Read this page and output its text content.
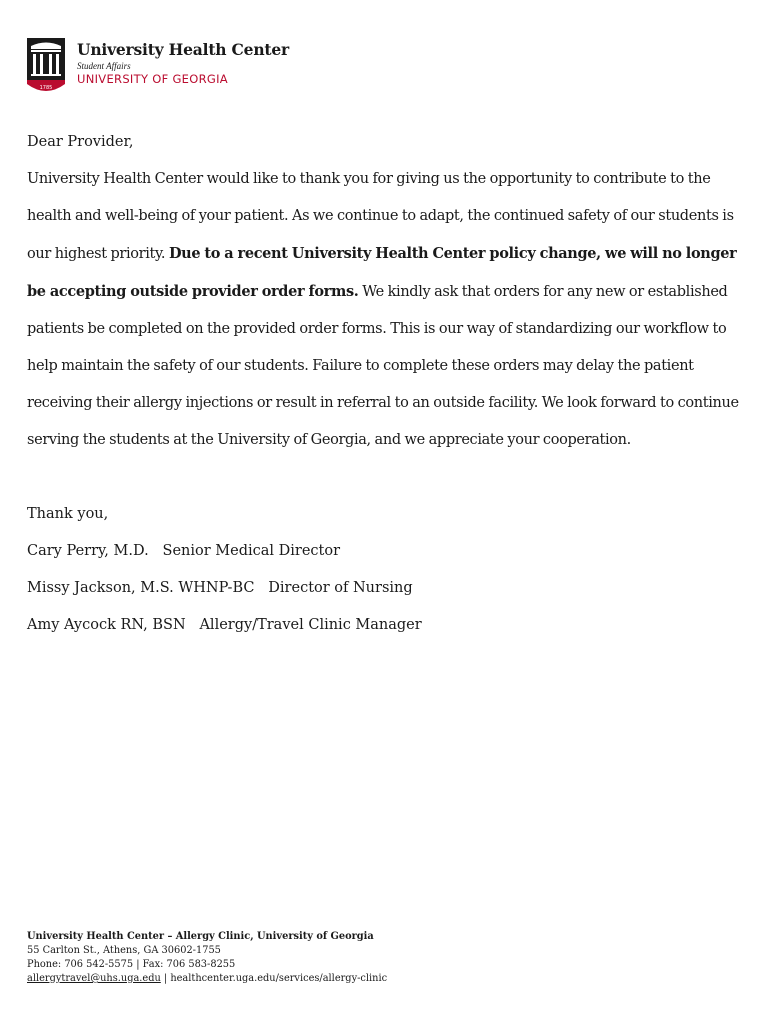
1785
University Health Center
Student Affairs
UNIVERSITY OF GEORGIA

Dear Provider,

University Health Center would like to thank you for giving us the opportunity to contribute to the health and well-being of your patient. As we continue to adapt, the continued safety of our students is our highest priority. Due to a recent University Health Center policy change, we will no longer be accepting outside provider order forms. We kindly ask that orders for any new or established patients be completed on the provided order forms. This is our way of standardizing our workflow to help maintain the safety of our students. Failure to complete these orders may delay the patient receiving their allergy injections or result in referral to an outside facility. We look forward to continue serving the students at the University of Georgia, and we appreciate your cooperation.

Thank you,

Cary Perry, M.D.   Senior Medical Director

Missy Jackson, M.S. WHNP-BC   Director of Nursing

Amy Aycock RN, BSN   Allergy/Travel Clinic Manager

University Health Center – Allergy Clinic, University of Georgia
55 Carlton St., Athens, GA 30602-1755
Phone: 706 542-5575 | Fax: 706 583-8255
allergytravel@uhs.uga.edu | healthcenter.uga.edu/services/allergy-clinic
